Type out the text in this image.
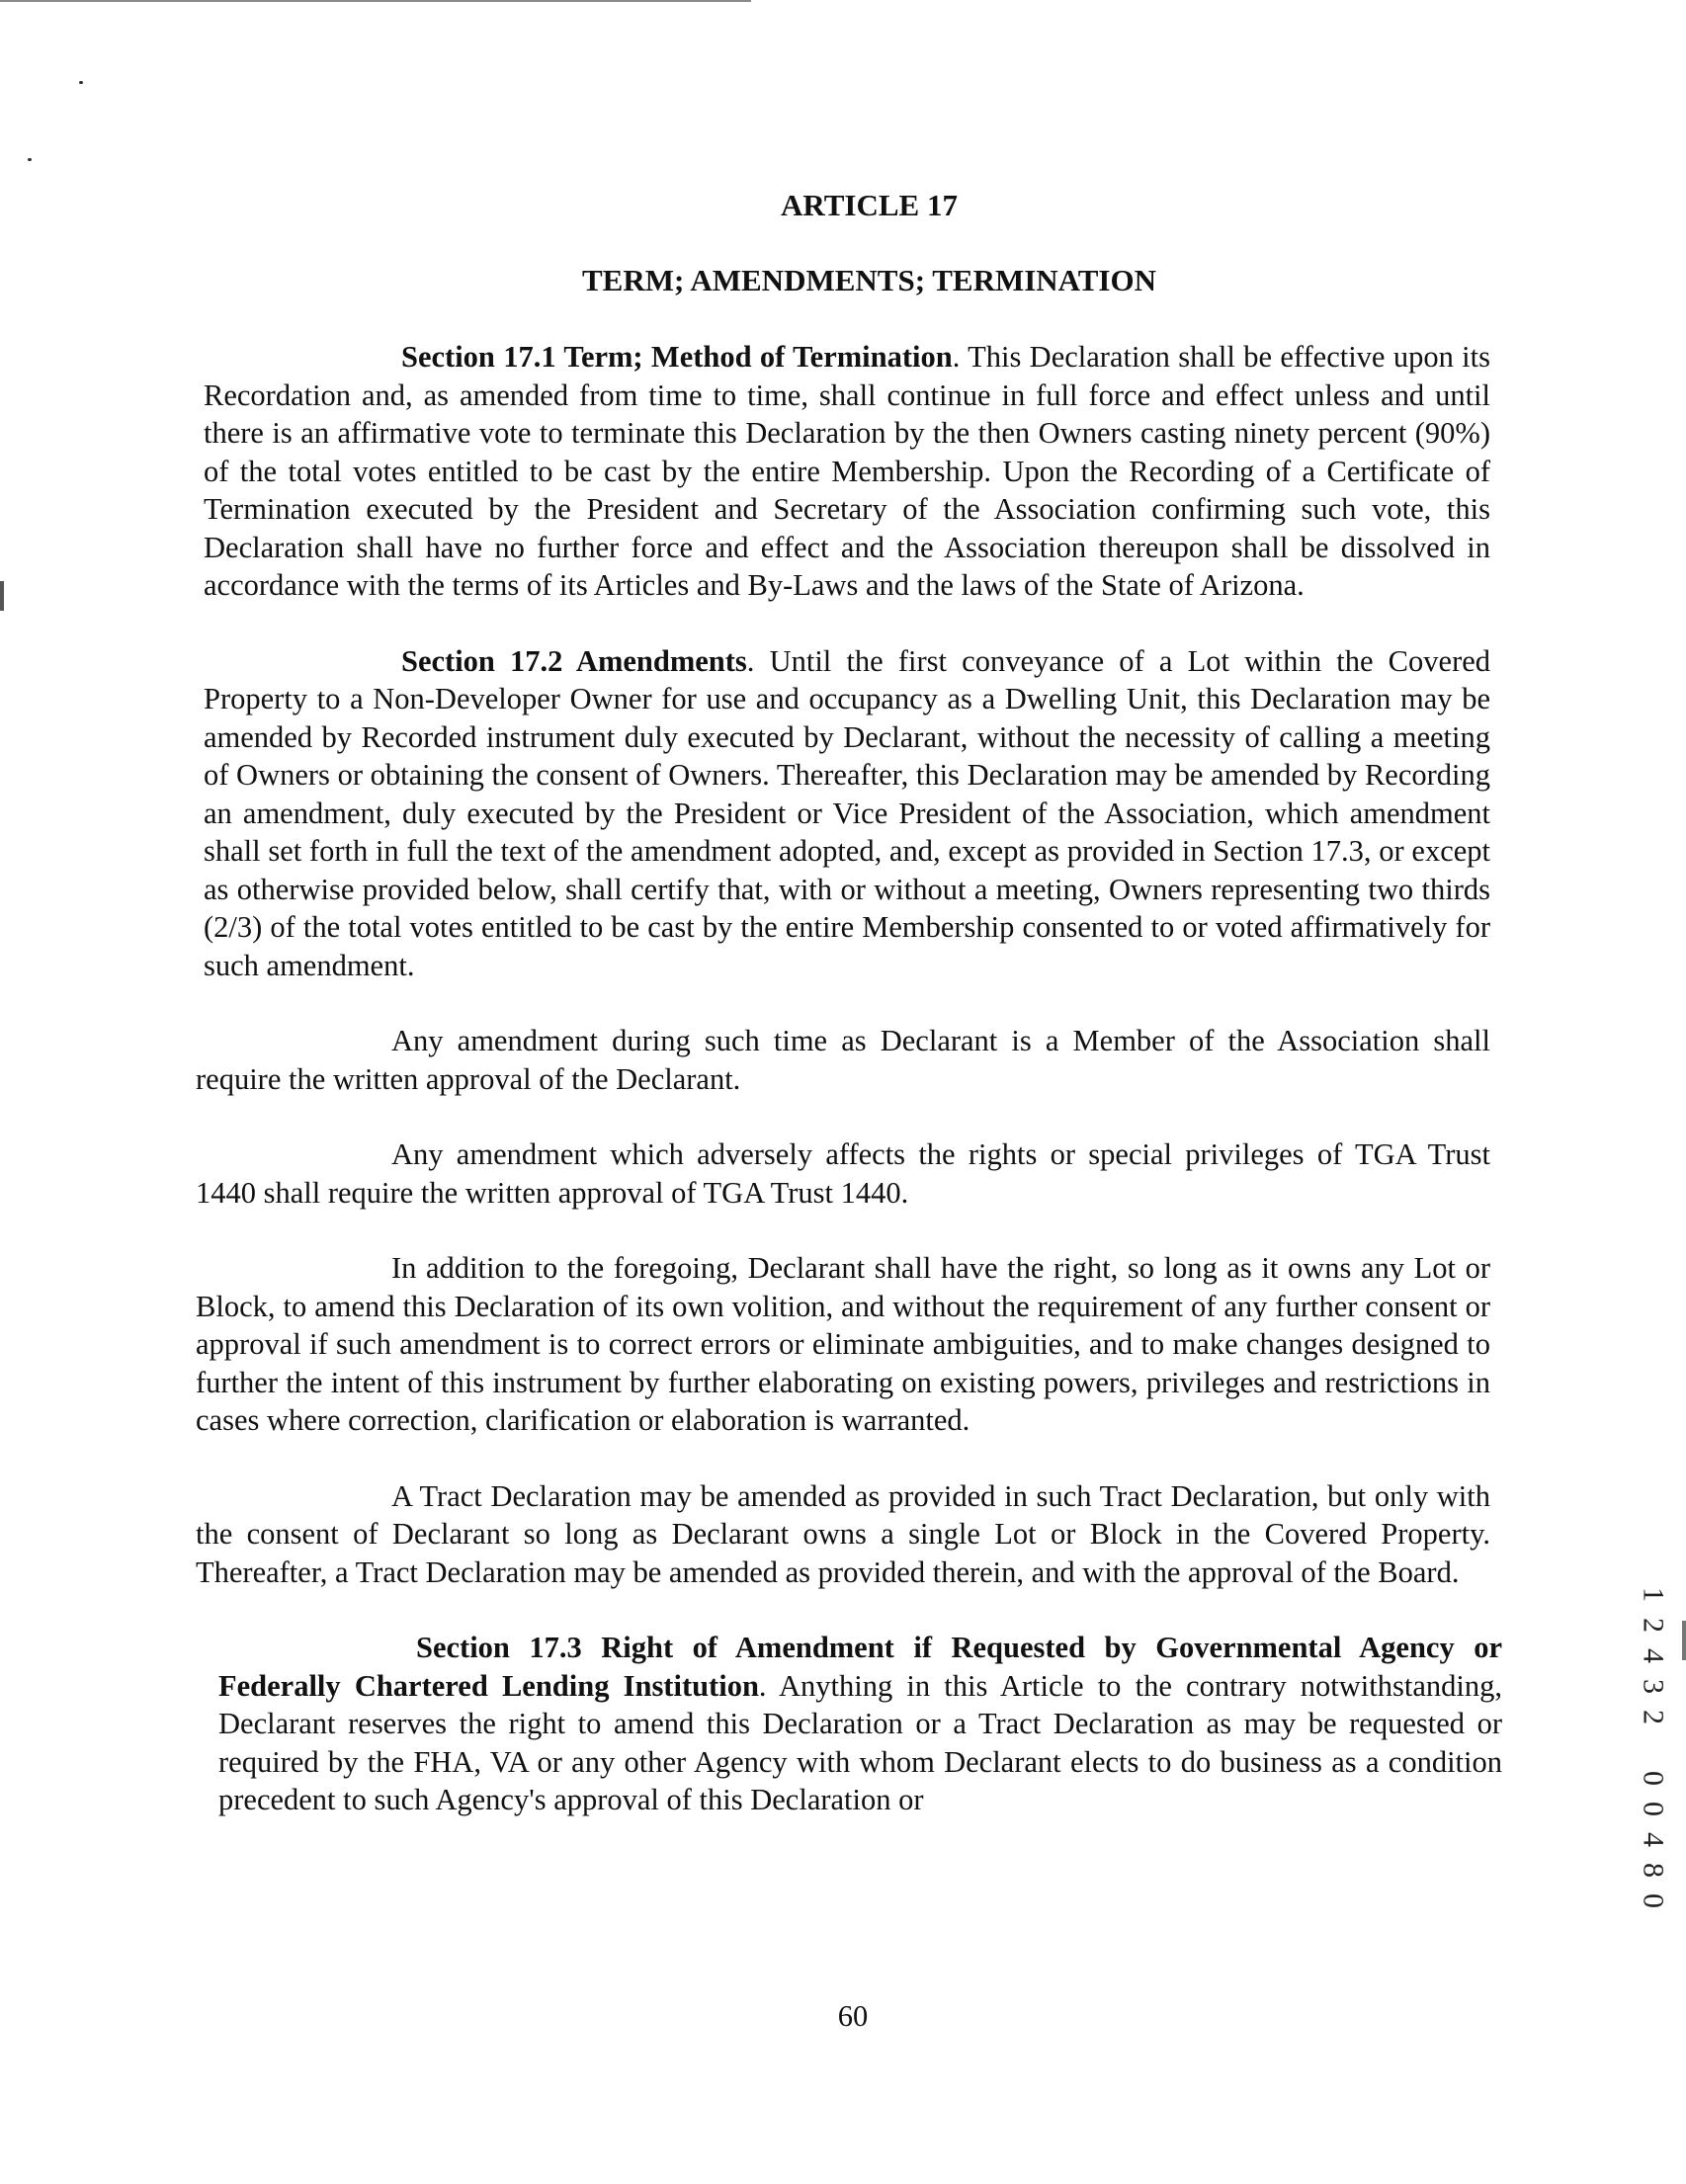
ARTICLE 17
TERM; AMENDMENTS; TERMINATION

Section 17.1 Term; Method of Termination. This Declaration shall be effective upon its Recordation and, as amended from time to time, shall continue in full force and effect unless and until there is an affirmative vote to terminate this Declaration by the then Owners casting ninety percent (90%) of the total votes entitled to be cast by the entire Membership. Upon the Recording of a Certificate of Termination executed by the President and Secretary of the Association confirming such vote, this Declaration shall have no further force and effect and the Association thereupon shall be dissolved in accordance with the terms of its Articles and By-Laws and the laws of the State of Arizona.

Section 17.2 Amendments. Until the first conveyance of a Lot within the Covered Property to a Non-Developer Owner for use and occupancy as a Dwelling Unit, this Declaration may be amended by Recorded instrument duly executed by Declarant, without the necessity of calling a meeting of Owners or obtaining the consent of Owners. Thereafter, this Declaration may be amended by Recording an amendment, duly executed by the President or Vice President of the Association, which amendment shall set forth in full the text of the amendment adopted, and, except as provided in Section 17.3, or except as otherwise provided below, shall certify that, with or without a meeting, Owners representing two thirds (2/3) of the total votes entitled to be cast by the entire Membership consented to or voted affirmatively for such amendment.

Any amendment during such time as Declarant is a Member of the Association shall require the written approval of the Declarant.

Any amendment which adversely affects the rights or special privileges of TGA Trust 1440 shall require the written approval of TGA Trust 1440.

In addition to the foregoing, Declarant shall have the right, so long as it owns any Lot or Block, to amend this Declaration of its own volition, and without the requirement of any further consent or approval if such amendment is to correct errors or eliminate ambiguities, and to make changes designed to further the intent of this instrument by further elaborating on existing powers, privileges and restrictions in cases where correction, clarification or elaboration is warranted.

A Tract Declaration may be amended as provided in such Tract Declaration, but only with the consent of Declarant so long as Declarant owns a single Lot or Block in the Covered Property. Thereafter, a Tract Declaration may be amended as provided therein, and with the approval of the Board.

Section 17.3 Right of Amendment if Requested by Governmental Agency or Federally Chartered Lending Institution. Anything in this Article to the contrary notwithstanding, Declarant reserves the right to amend this Declaration or a Tract Declaration as may be requested or required by the FHA, VA or any other Agency with whom Declarant elects to do business as a condition precedent to such Agency's approval of this Declaration or

60
1
2
4
3
2
0
0
4
8
0
